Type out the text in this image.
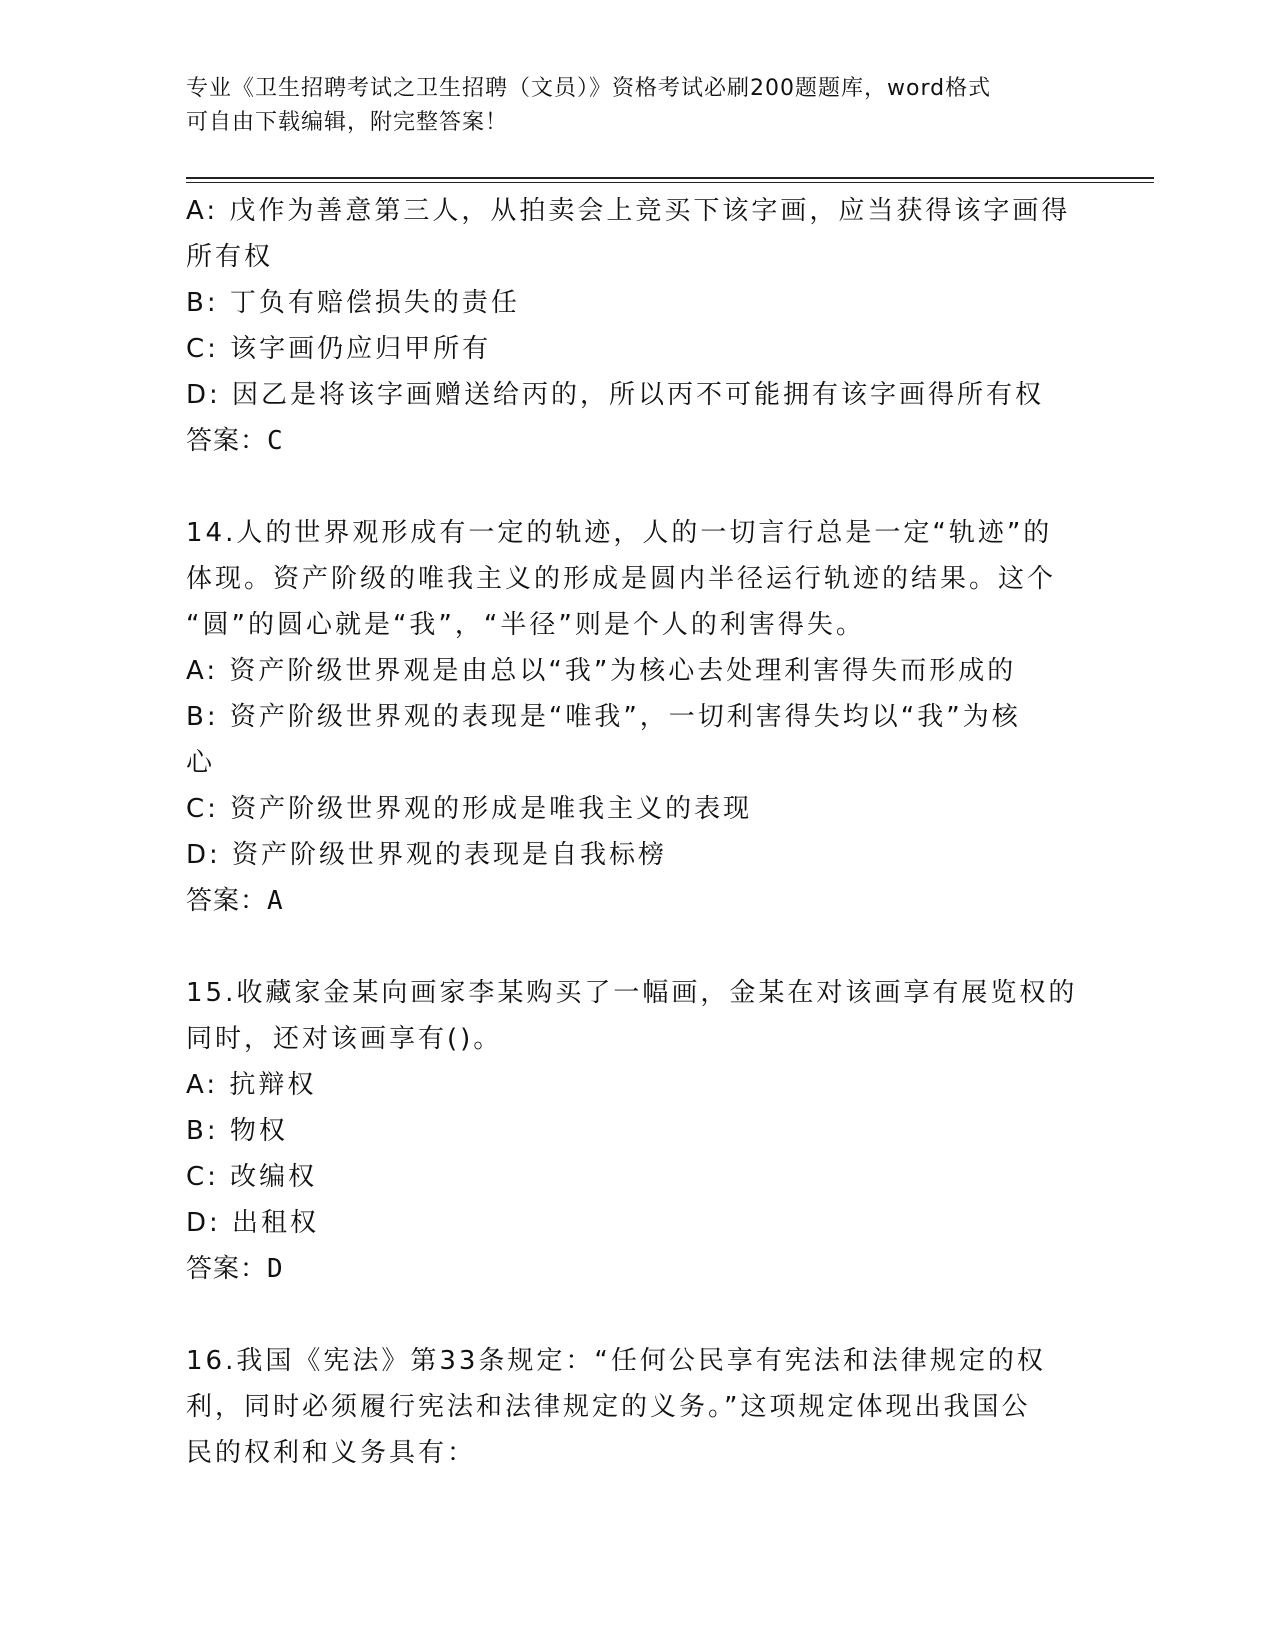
专业《卫生招聘考试之卫生招聘（文员）》资格考试必刷200题题库，word格式
可自由下载编辑，附完整答案！
A: 戊作为善意第三人，从拍卖会上竞买下该字画，应当获得该字画得
所有权
B: 丁负有赔偿损失的责任
C: 该字画仍应归甲所有
D: 因乙是将该字画赠送给丙的，所以丙不可能拥有该字画得所有权
答案：C
14.人的世界观形成有一定的轨迹，人的一切言行总是一定“轨迹”的
体现。资产阶级的唯我主义的形成是圆内半径运行轨迹的结果。这个
“圆”的圆心就是“我”，“半径”则是个人的利害得失。
A: 资产阶级世界观是由总以“我”为核心去处理利害得失而形成的
B: 资产阶级世界观的表现是“唯我”，一切利害得失均以“我”为核
心
C: 资产阶级世界观的形成是唯我主义的表现
D: 资产阶级世界观的表现是自我标榜
答案：A
15.收藏家金某向画家李某购买了一幅画，金某在对该画享有展览权的
同时，还对该画享有()。
A: 抗辩权
B: 物权
C: 改编权
D: 出租权
答案：D
16.我国《宪法》第33条规定：“任何公民享有宪法和法律规定的权
利，同时必须履行宪法和法律规定的义务。”这项规定体现出我国公
民的权利和义务具有：
